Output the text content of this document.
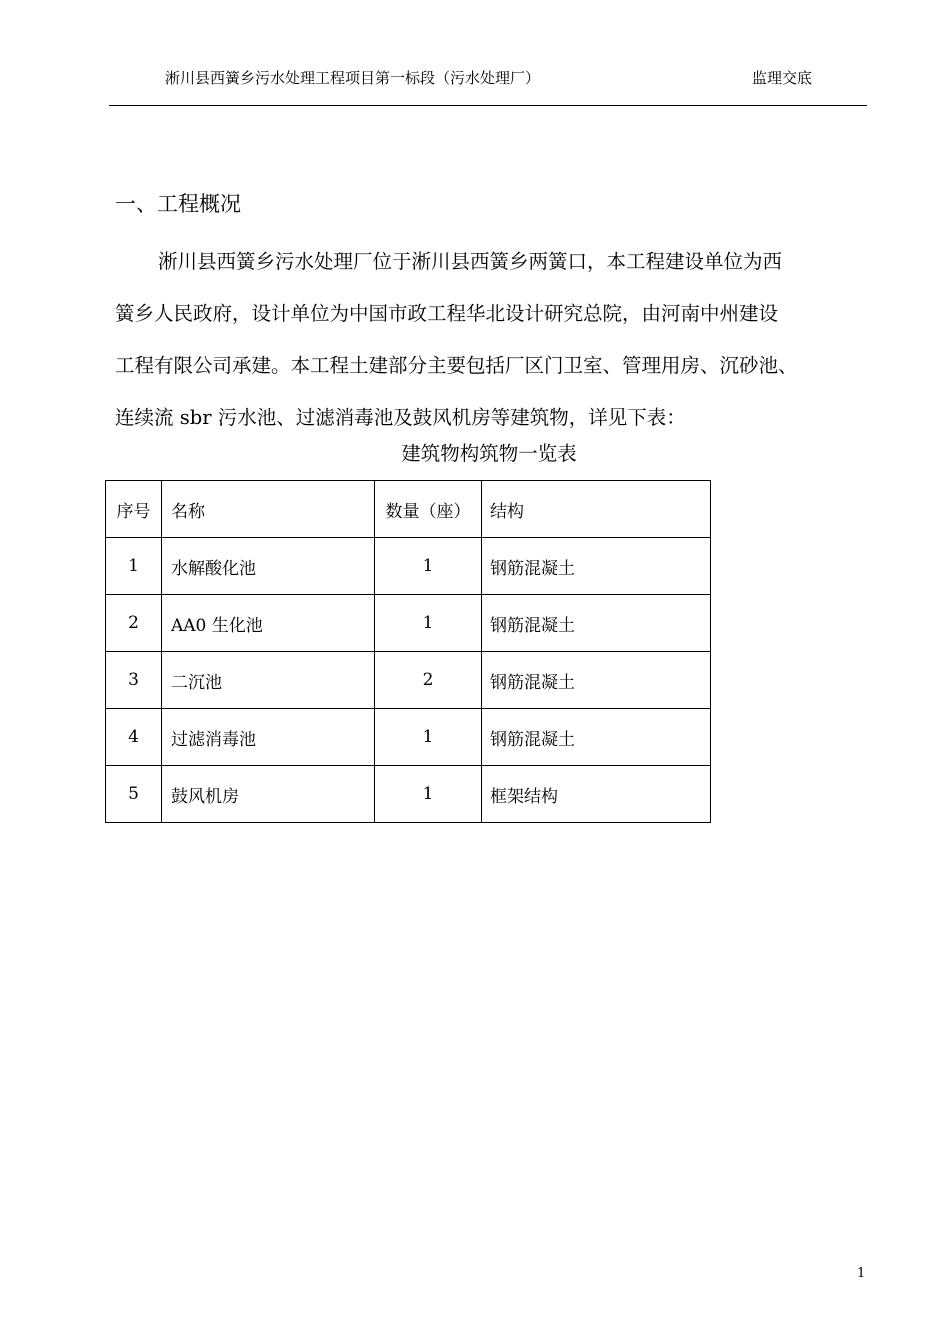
淅川县西簧乡污水处理工程项目第一标段（污水处理厂）	监理交底
一、工程概况
淅川县西簧乡污水处理厂位于淅川县西簧乡两簧口，本工程建设单位为西
簧乡人民政府，设计单位为中国市政工程华北设计研究总院，由河南中州建设
工程有限公司承建。本工程土建部分主要包括厂区门卫室、管理用房、沉砂池、
连续流 sbr 污水池、过滤消毒池及鼓风机房等建筑物，详见下表：
建筑物构筑物一览表
序号	名称	数量（座）	结构
1	水解酸化池	1	钢筋混凝土
2	AA0 生化池	1	钢筋混凝土
3	二沉池	2	钢筋混凝土
4	过滤消毒池	1	钢筋混凝土
5	鼓风机房	1	框架结构
1
